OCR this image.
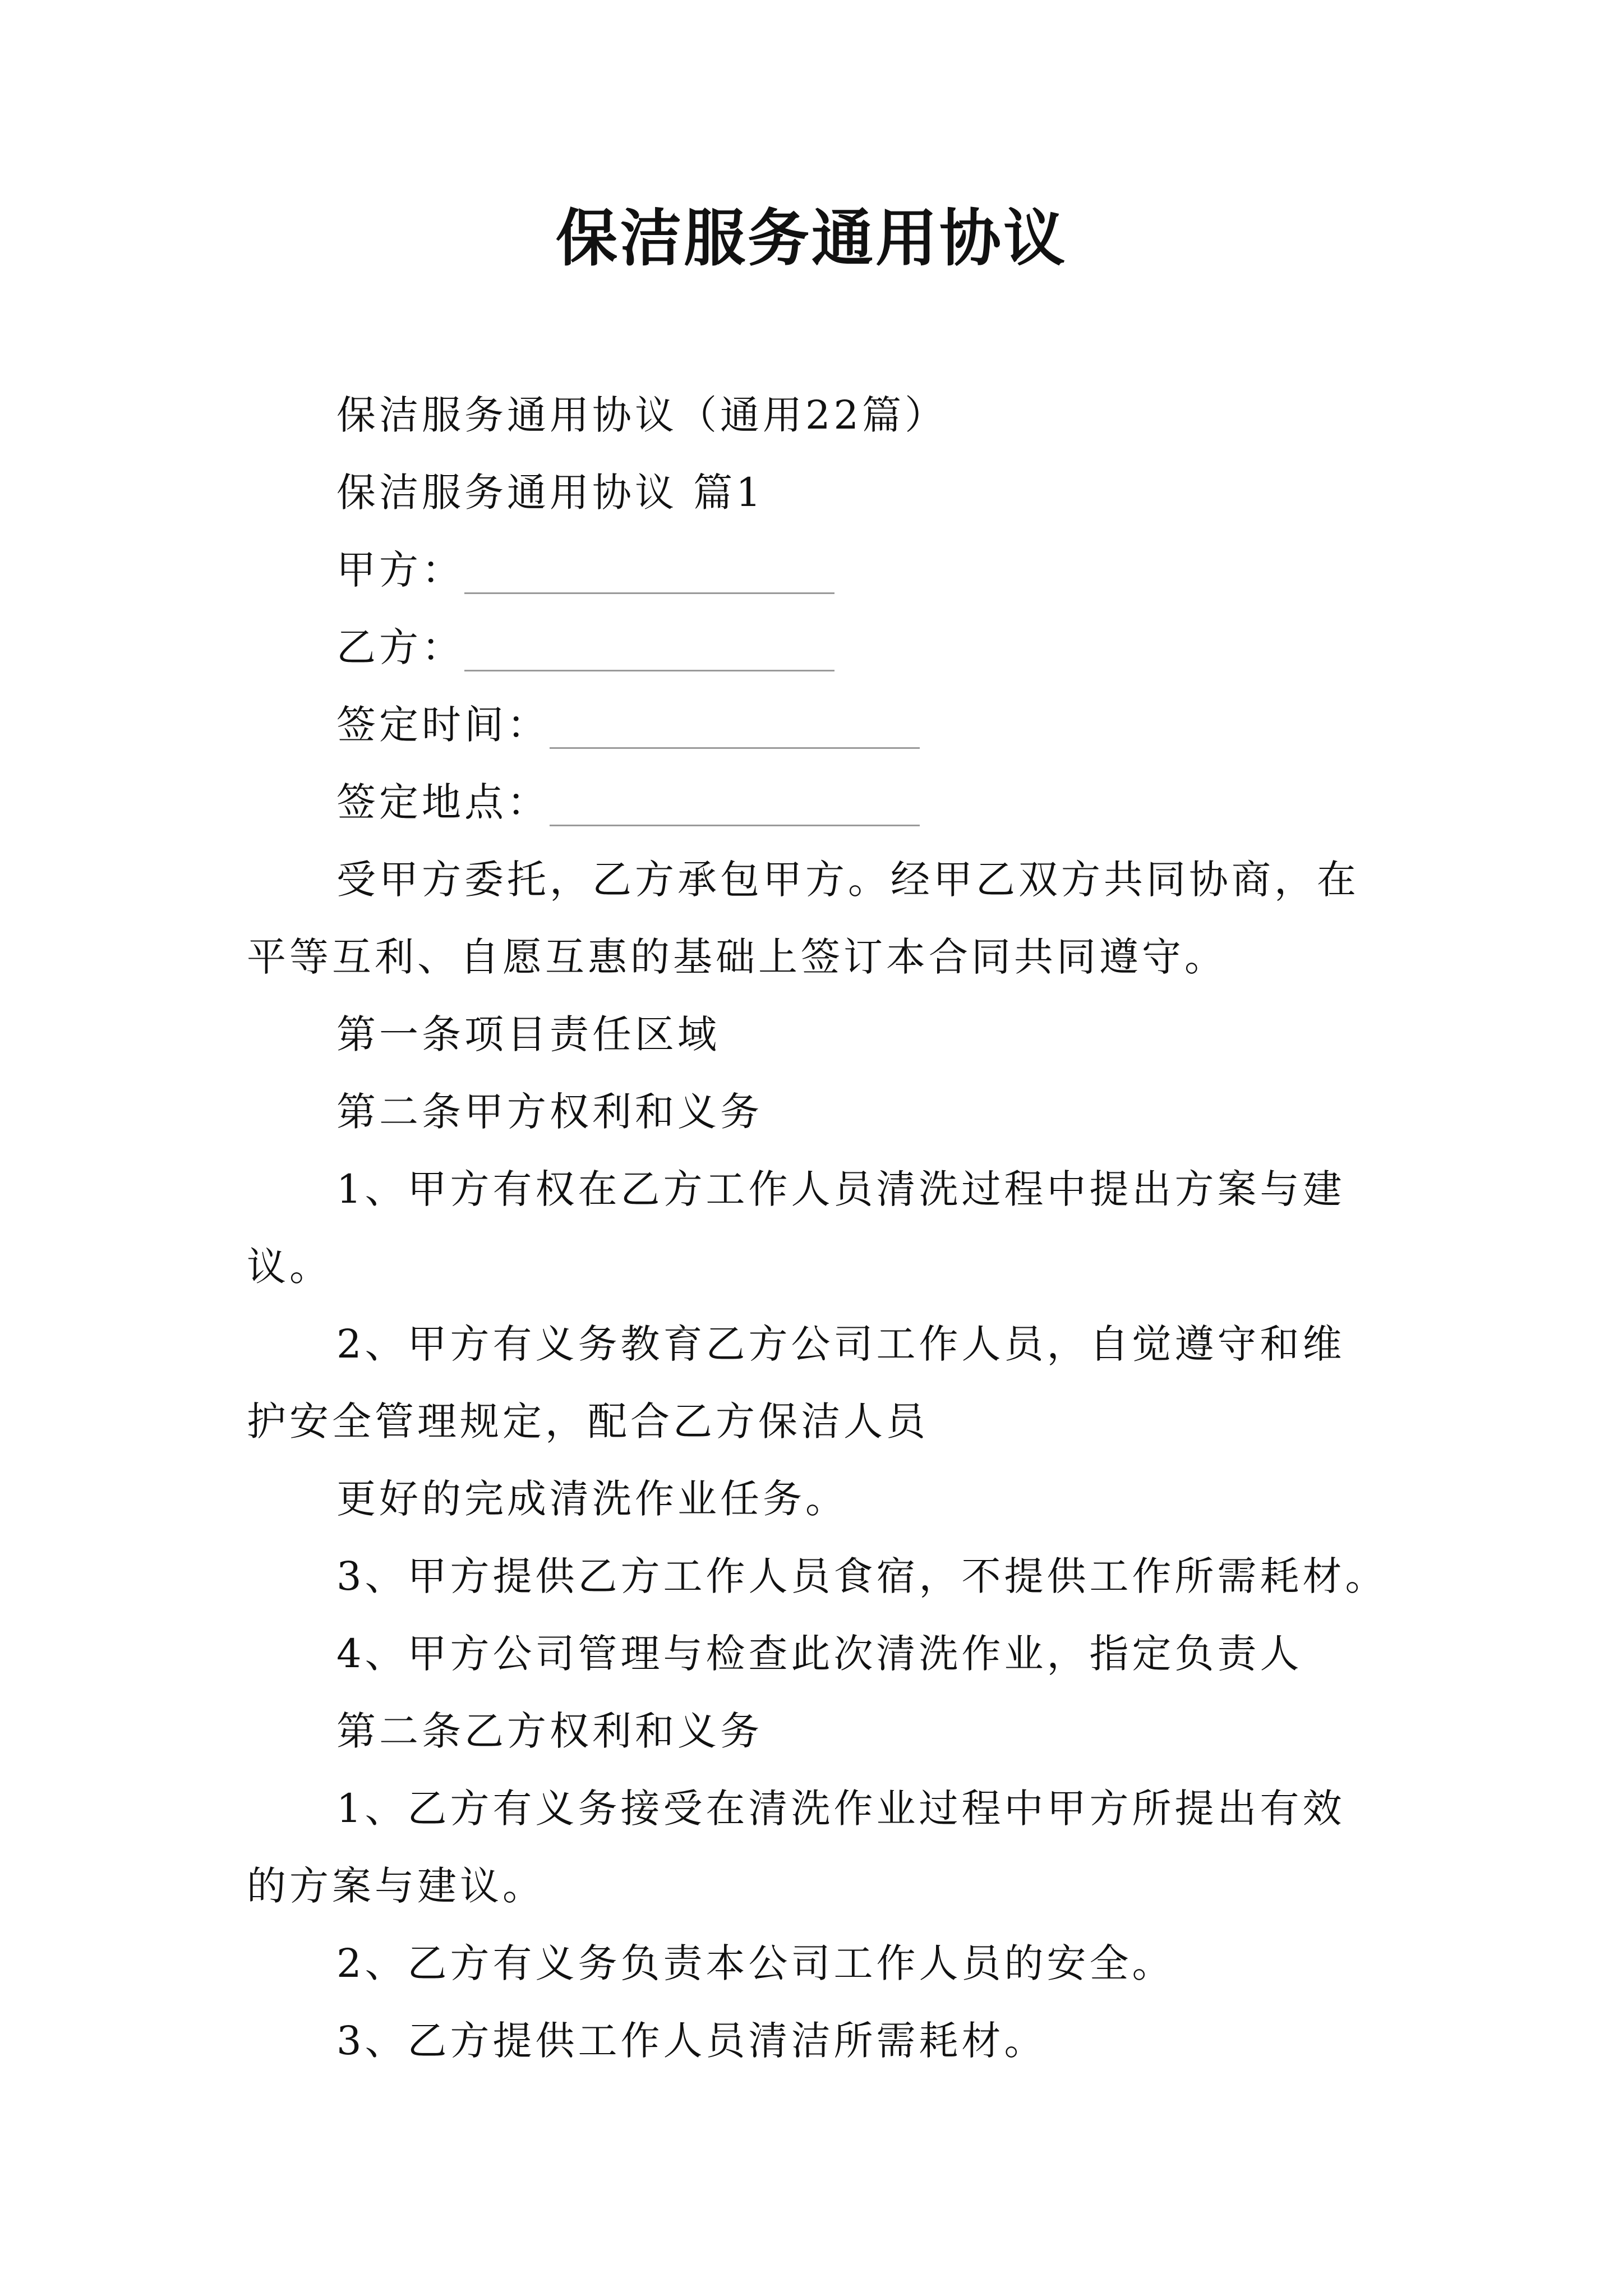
保洁服务通用协议
保洁服务通用协议（通用22篇）
保洁服务通用协议 篇1
甲方：
乙方：
签定时间：
签定地点：
受甲方委托，乙方承包甲方。经甲乙双方共同协商，在
平等互利、自愿互惠的基础上签订本合同共同遵守。
第一条项目责任区域
第二条甲方权利和义务
1、甲方有权在乙方工作人员清洗过程中提出方案与建
议。
2、甲方有义务教育乙方公司工作人员，自觉遵守和维
护安全管理规定，配合乙方保洁人员
更好的完成清洗作业任务。
3、甲方提供乙方工作人员食宿，不提供工作所需耗材。
4、甲方公司管理与检查此次清洗作业，指定负责人
第二条乙方权利和义务
1、乙方有义务接受在清洗作业过程中甲方所提出有效
的方案与建议。
2、乙方有义务负责本公司工作人员的安全。
3、乙方提供工作人员清洁所需耗材。
